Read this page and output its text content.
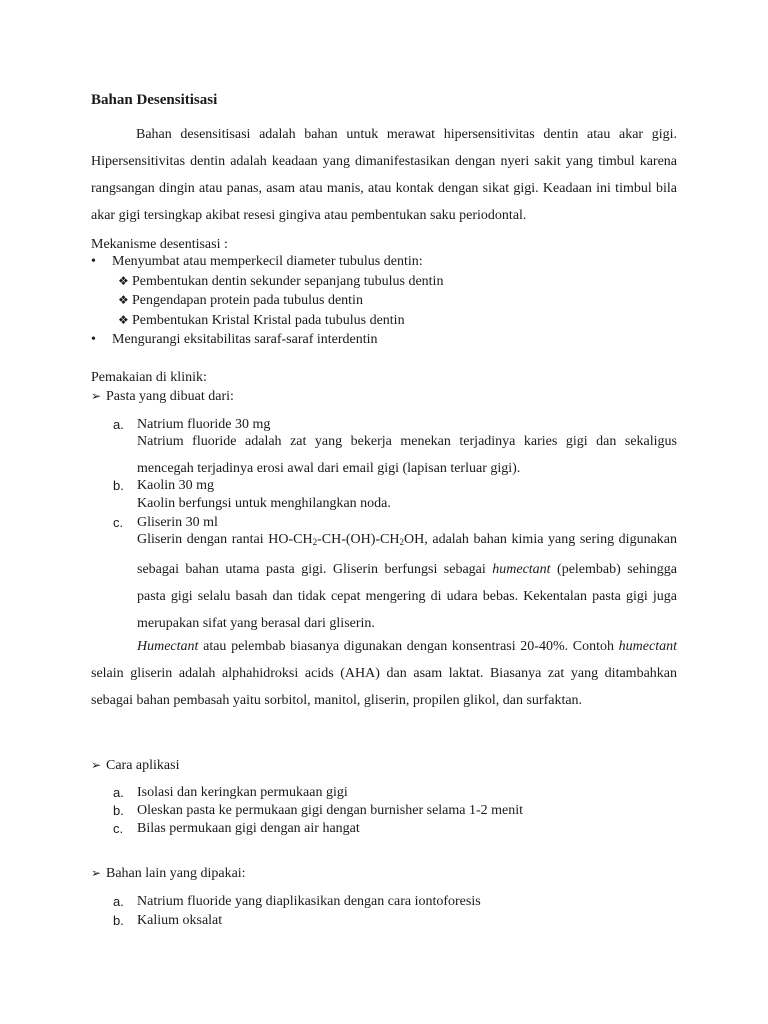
Bahan Desensitisasi
Bahan desensitisasi adalah bahan untuk merawat hipersensitivitas dentin atau akar gigi. Hipersensitivitas dentin adalah keadaan yang dimanifestasikan dengan nyeri sakit yang timbul karena rangsangan dingin atau panas, asam atau manis, atau kontak dengan sikat gigi. Keadaan ini timbul bila akar gigi tersingkap akibat resesi gingiva atau pembentukan saku periodontal.
Mekanisme desentisasi :
• Menyumbat atau memperkecil diameter tubulus dentin:
❖ Pembentukan dentin sekunder sepanjang tubulus dentin
❖ Pengendapan protein pada tubulus dentin
❖ Pembentukan Kristal Kristal pada tubulus dentin
• Mengurangi eksitabilitas saraf-saraf interdentin
Pemakaian di klinik:
➢ Pasta yang dibuat dari:
a. Natrium fluoride 30 mg
Natrium fluoride adalah zat yang bekerja menekan terjadinya karies gigi dan sekaligus mencegah terjadinya erosi awal dari email gigi (lapisan terluar gigi).
b. Kaolin 30 mg
Kaolin berfungsi untuk menghilangkan noda.
c. Gliserin 30 ml
Gliserin dengan rantai $HO-CH_2-CH-(OH)-CH_2OH$, adalah bahan kimia yang sering digunakan sebagai bahan utama pasta gigi. Gliserin berfungsi sebagai humectant (pelembab) sehingga pasta gigi selalu basah dan tidak cepat mengering di udara bebas. Kekentalan pasta gigi juga merupakan sifat yang berasal dari gliserin.
Humectant atau pelembab biasanya digunakan dengan konsentrasi 20-40%. Contoh humectant selain gliserin adalah alphahidroksi acids (AHA) dan asam laktat. Biasanya zat yang ditambahkan sebagai bahan pembasah yaitu sorbitol, manitol, gliserin, propilen glikol, dan surfaktan.
➢ Cara aplikasi
a. Isolasi dan keringkan permukaan gigi
b. Oleskan pasta ke permukaan gigi dengan burnisher selama 1-2 menit
c. Bilas permukaan gigi dengan air hangat
➢ Bahan lain yang dipakai:
a. Natrium fluoride yang diaplikasikan dengan cara iontoforesis
b. Kalium oksalat
